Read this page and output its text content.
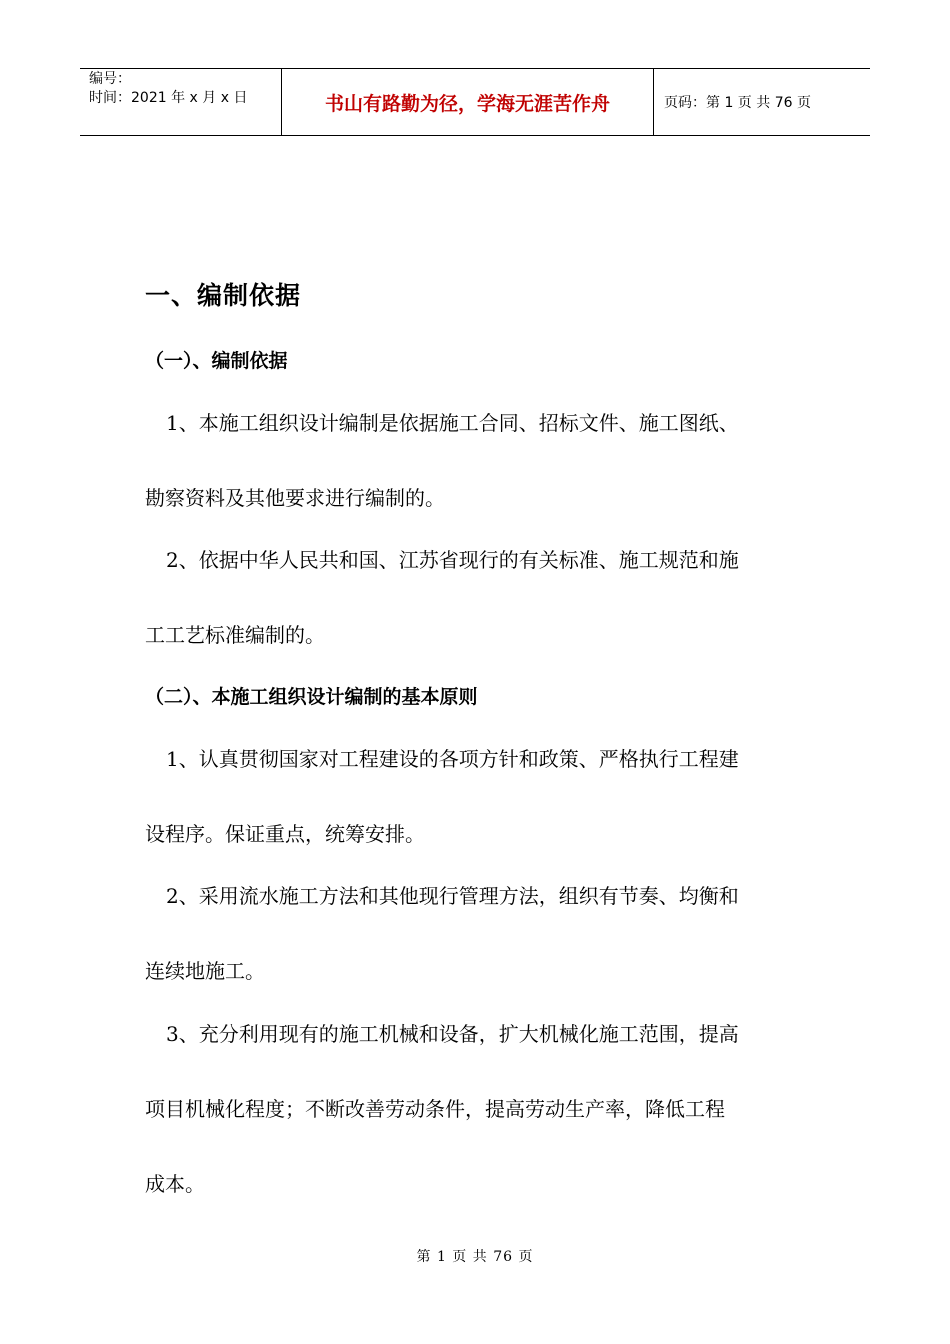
编号：
时间：2021 年 x 月 x 日	书山有路勤为径，学海无涯苦作舟	页码：第 1 页 共 76 页
一、编制依据
（一）、编制依据
1、本施工组织设计编制是依据施工合同、招标文件、施工图纸、
勘察资料及其他要求进行编制的。
2、依据中华人民共和国、江苏省现行的有关标准、施工规范和施
工工艺标准编制的。
（二）、本施工组织设计编制的基本原则
1、认真贯彻国家对工程建设的各项方针和政策、严格执行工程建
设程序。保证重点，统筹安排。
2、采用流水施工方法和其他现行管理方法，组织有节奏、均衡和
连续地施工。
3、充分利用现有的施工机械和设备，扩大机械化施工范围，提高
项目机械化程度；不断改善劳动条件，提高劳动生产率，降低工程
成本。
第 1 页 共 76 页
